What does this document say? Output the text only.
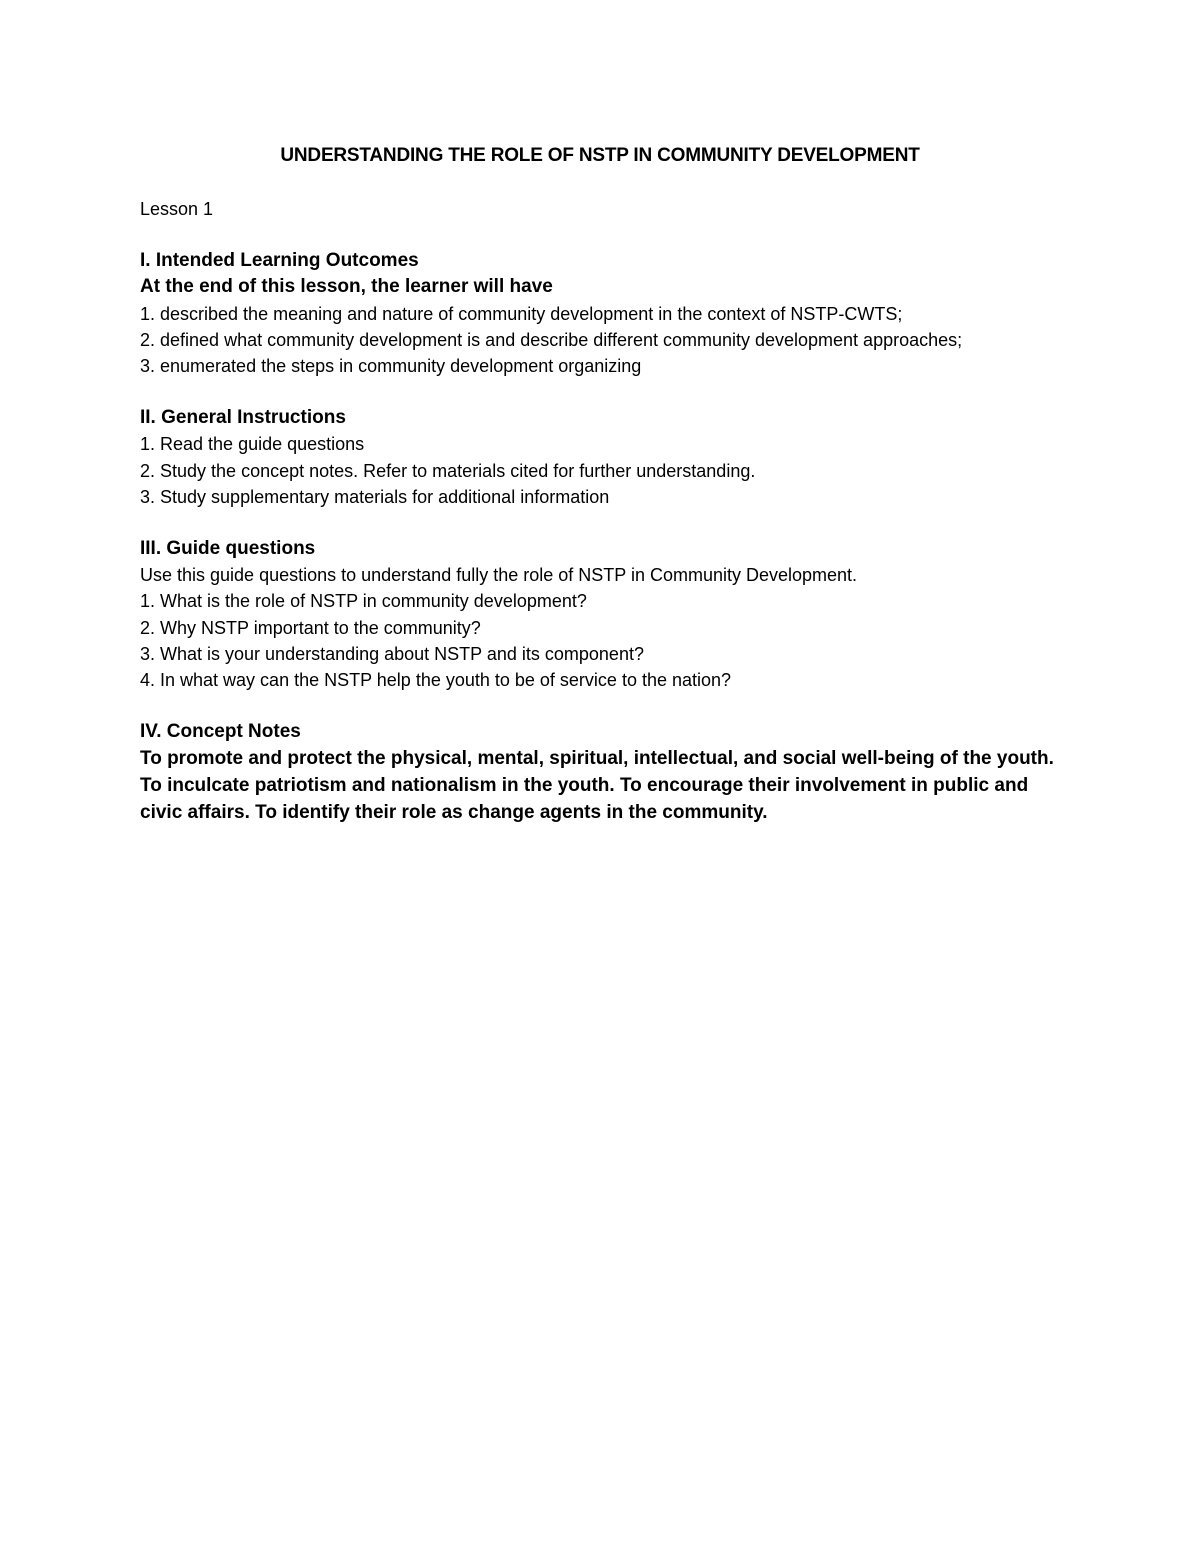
UNDERSTANDING THE ROLE OF NSTP IN COMMUNITY DEVELOPMENT
Lesson 1
I. Intended Learning Outcomes
At the end of this lesson, the learner will have
1. described the meaning and nature of community development in the context of NSTP-CWTS;
2. defined what community development is and describe different community development approaches;
3. enumerated the steps in community development organizing
II. General Instructions
1. Read the guide questions
2. Study the concept notes. Refer to materials cited for further understanding.
3. Study supplementary materials for additional information
III. Guide questions
Use this guide questions to understand fully the role of NSTP in Community Development.
1. What is the role of NSTP in community development?
2. Why NSTP important to the community?
3. What is your understanding about NSTP and its component?
4. In what way can the NSTP help the youth to be of service to the nation?
IV. Concept Notes
To promote and protect the physical, mental, spiritual, intellectual, and social well-being of the youth. To inculcate patriotism and nationalism in the youth. To encourage their involvement in public and civic affairs. To identify their role as change agents in the community.
